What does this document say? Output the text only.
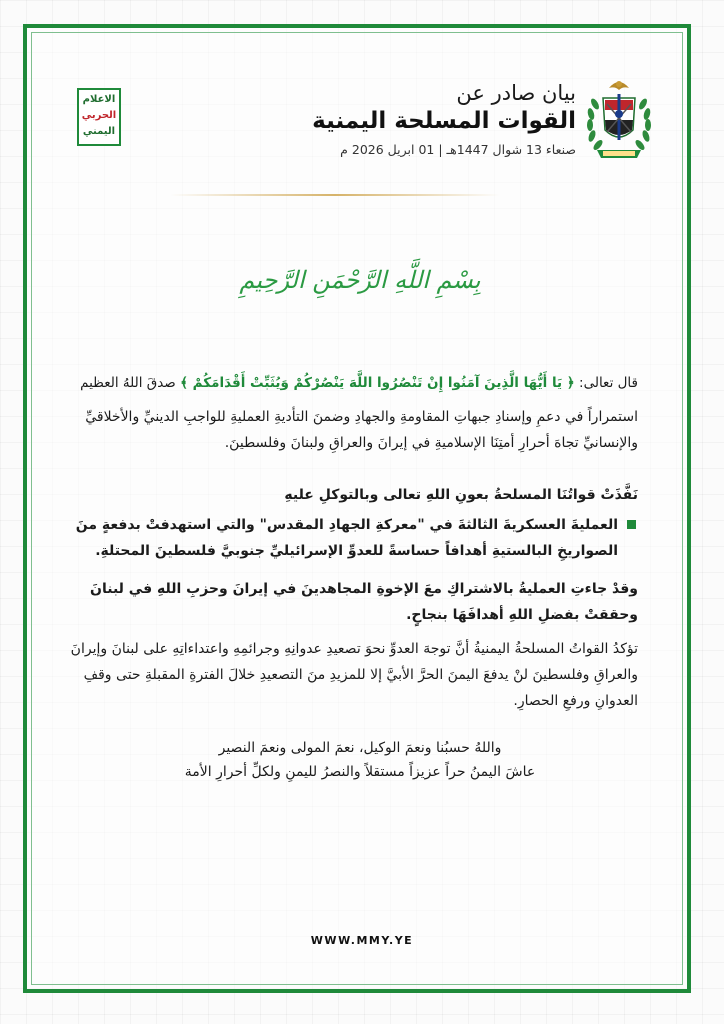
بيان صادر عن
القوات المسلحة اليمنية
صنعاء 13 شوال 1447هـ | 01 ابريل 2026 م
الاعلام
الحربي
اليمني
بِسْمِ اللَّهِ الرَّحْمَنِ الرَّحِيمِ
قال تعالى: ﴿ يَا أَيُّهَا الَّذِينَ آمَنُوا إِنْ تَنْصُرُوا اللَّهَ يَنْصُرْكُمْ وَيُثَبِّتْ أَقْدَامَكُمْ ﴾ صدقَ اللهُ العظيم
استمراراً في دعمِ وإسنادِ جبهاتِ المقاومةِ والجهادِ وضمنَ التأديةِ العمليةِ للواجبِ الدينيِّ والأخلاقيِّ والإنسانيِّ تجاهَ أحرارِ أمتِنَا الإسلاميةِ في إيرانَ والعراقِ ولبنانَ وفلسطينَ.
نَفَّذَتْ قواتُنَا المسلحةُ بعونِ اللهِ تعالى وبالتوكلِ عليهِ
العمليةَ العسكريةَ الثالثةَ في "معركةِ الجهادِ المقدس" والتي استهدفتْ بدفعةٍ منَ الصواريخِ البالستيةِ أهدافاً حساسةً للعدوِّ الإسرائيليِّ جنوبيَّ فلسطينَ المحتلةِ.
وقدْ جاءتِ العمليةُ بالاشتراكِ معَ الإخوةِ المجاهدينَ في إيرانَ وحزبِ اللهِ في لبنانَ وحققتْ بفضلِ اللهِ أهدافَهَا بنجاحٍ.
تؤكدُ القواتُ المسلحةُ اليمنيةُ أنَّ توجهَ العدوِّ نحوَ تصعيدِ عدوانِهِ وجرائمِهِ واعتداءاتِهِ على لبنانَ وإيرانَ والعراقِ وفلسطينَ لنْ يدفعَ اليمنَ الحرَّ الأبيَّ إلا للمزيدِ منَ التصعيدِ خلالَ الفترةِ المقبلةِ حتى وقفِ العدوانِ ورفعِ الحصارِ.
واللهُ حسبُنا ونعمَ الوكيل، نعمَ المولى ونعمَ النصير
عاشَ اليمنُ حراً عزيزاً مستقلاً والنصرُ لليمنِ ولكلِّ أحرارِ الأمة
WWW.MMY.YE
